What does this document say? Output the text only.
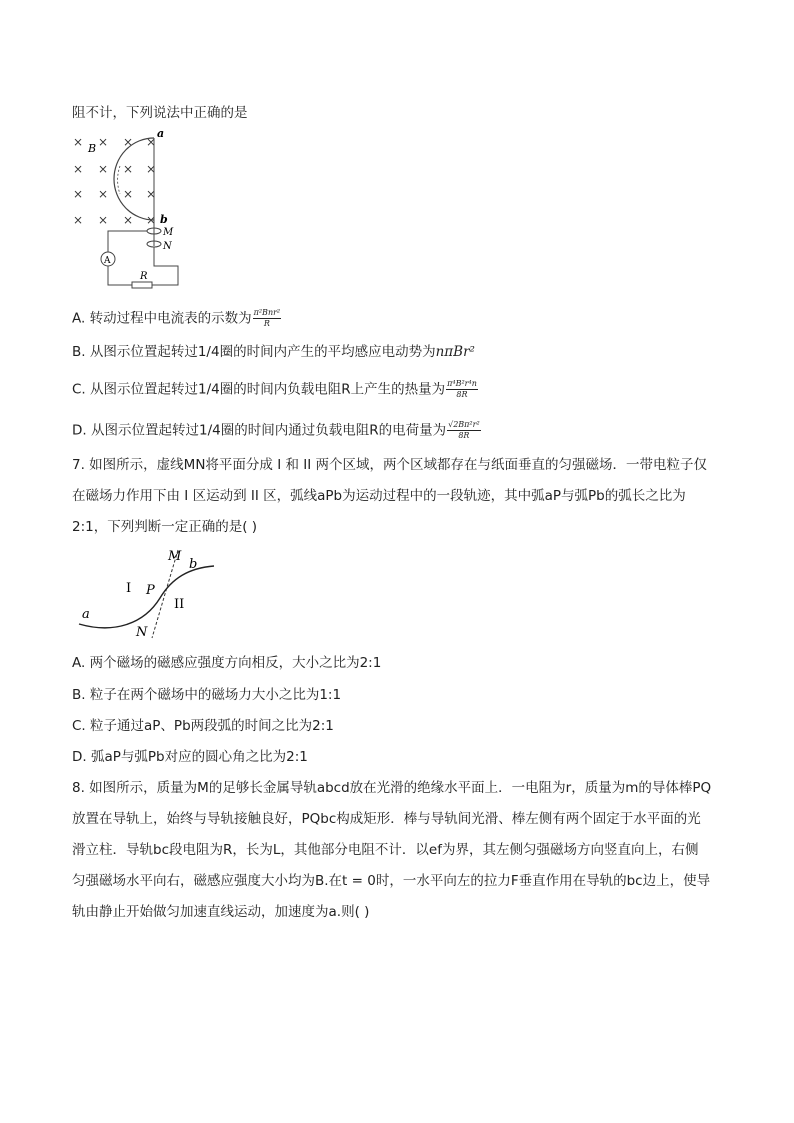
阻不计，下列说法中正确的是
× × × ×
× × ×
×
× × × ×
× × × ×
B
a
b
M
N
A
R
A. 转动过程中电流表的示数为 $\frac{\text{π²Bnr²}}{R}$
B. 从图示位置起转过1/4圈的时间内产生的平均感应电动势为nπBr²
C. 从图示位置起转过1/4圈的时间内负载电阻R上产生的热量为 $\frac{\text{π⁴B²r⁴n}}{8R}$
D. 从图示位置起转过1/4圈的时间内通过负载电阻R的电荷量为 $\frac{\text{√2Bπ²r²}}{8R}$
7. 如图所示，虚线MN将平面分成 I 和 II 两个区域，两个区域都存在与纸面垂直的匀强磁场．一带电粒子仅
在磁场力作用下由 I 区运动到 II 区，弧线aPb为运动过程中的一段轨迹，其中弧aP与弧Pb的弧长之比为
2:1，下列判断一定正确的是( )
M
b
I P
II
a
N
A. 两个磁场的磁感应强度方向相反，大小之比为2:1
B. 粒子在两个磁场中的磁场力大小之比为1:1
C. 粒子通过aP、Pb两段弧的时间之比为2:1
D. 弧aP与弧Pb对应的圆心角之比为2:1
8. 如图所示，质量为M的足够长金属导轨abcd放在光滑的绝缘水平面上．一电阻为r，质量为m的导体棒PQ
放置在导轨上，始终与导轨接触良好，PQbc构成矩形．棒与导轨间光滑、棒左侧有两个固定于水平面的光
滑立柱．导轨bc段电阻为R，长为L，其他部分电阻不计．以ef为界，其左侧匀强磁场方向竖直向上，右侧
匀强磁场水平向右，磁感应强度大小均为B.在t = 0时，一水平向左的拉力F垂直作用在导轨的bc边上，使导
轨由静止开始做匀加速直线运动，加速度为a.则( )
